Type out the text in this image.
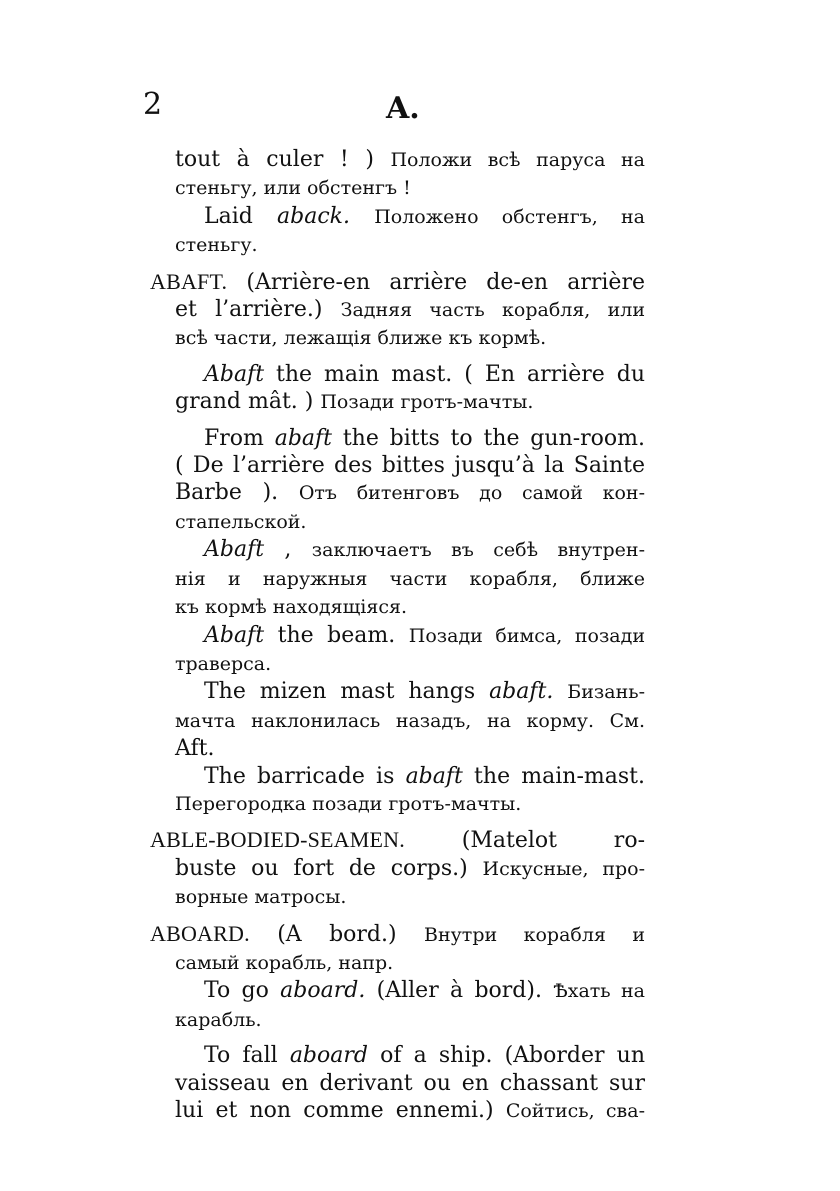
2	A.
tout à culer ! ) Положи всѣ паруса на
стеньгу, или обстенгъ !
Laid aback. Положено обстенгъ, на
стеньгу.
ABAFT. (Arrière-en arrière de-en arrière
et l’arrière.) Задняя часть корабля, или
всѣ части, лежащія ближе къ кормѣ.
Abaft the main mast. ( En arrière du
grand mât. ) Позади гротъ-мачты.
From abaft the bitts to the gun-room.
( De l’arrière des bittes jusqu’à la Sainte
Barbe ). Отъ битенговъ до самой кон-
стапельской.
Abaft , заключаетъ въ себѣ внутрен-
нія и наружныя части корабля, ближе
къ кормѣ находящіяся.
Abaft the beam. Позади бимса, позади
траверса.
The mizen mast hangs abaft. Бизань-
мачта наклонилась назадъ, на корму. См.
Aft.
The barricade is abaft the main-mast.
Перегородка позади гротъ-мачты.
ABLE-BODIED-SEAMEN. (Matelot ro-
buste ou fort de corps.) Искусные, про-
ворные матросы.
ABOARD. (A bord.) Внутри корабля и
самый корабль, напр.
To go aboard. (Aller à bord). Ѣхать на
карабль.
To fall aboard of a ship. (Aborder un
vaisseau en derivant ou en chassant sur
lui et non comme ennemi.) Сойтись, сва-
